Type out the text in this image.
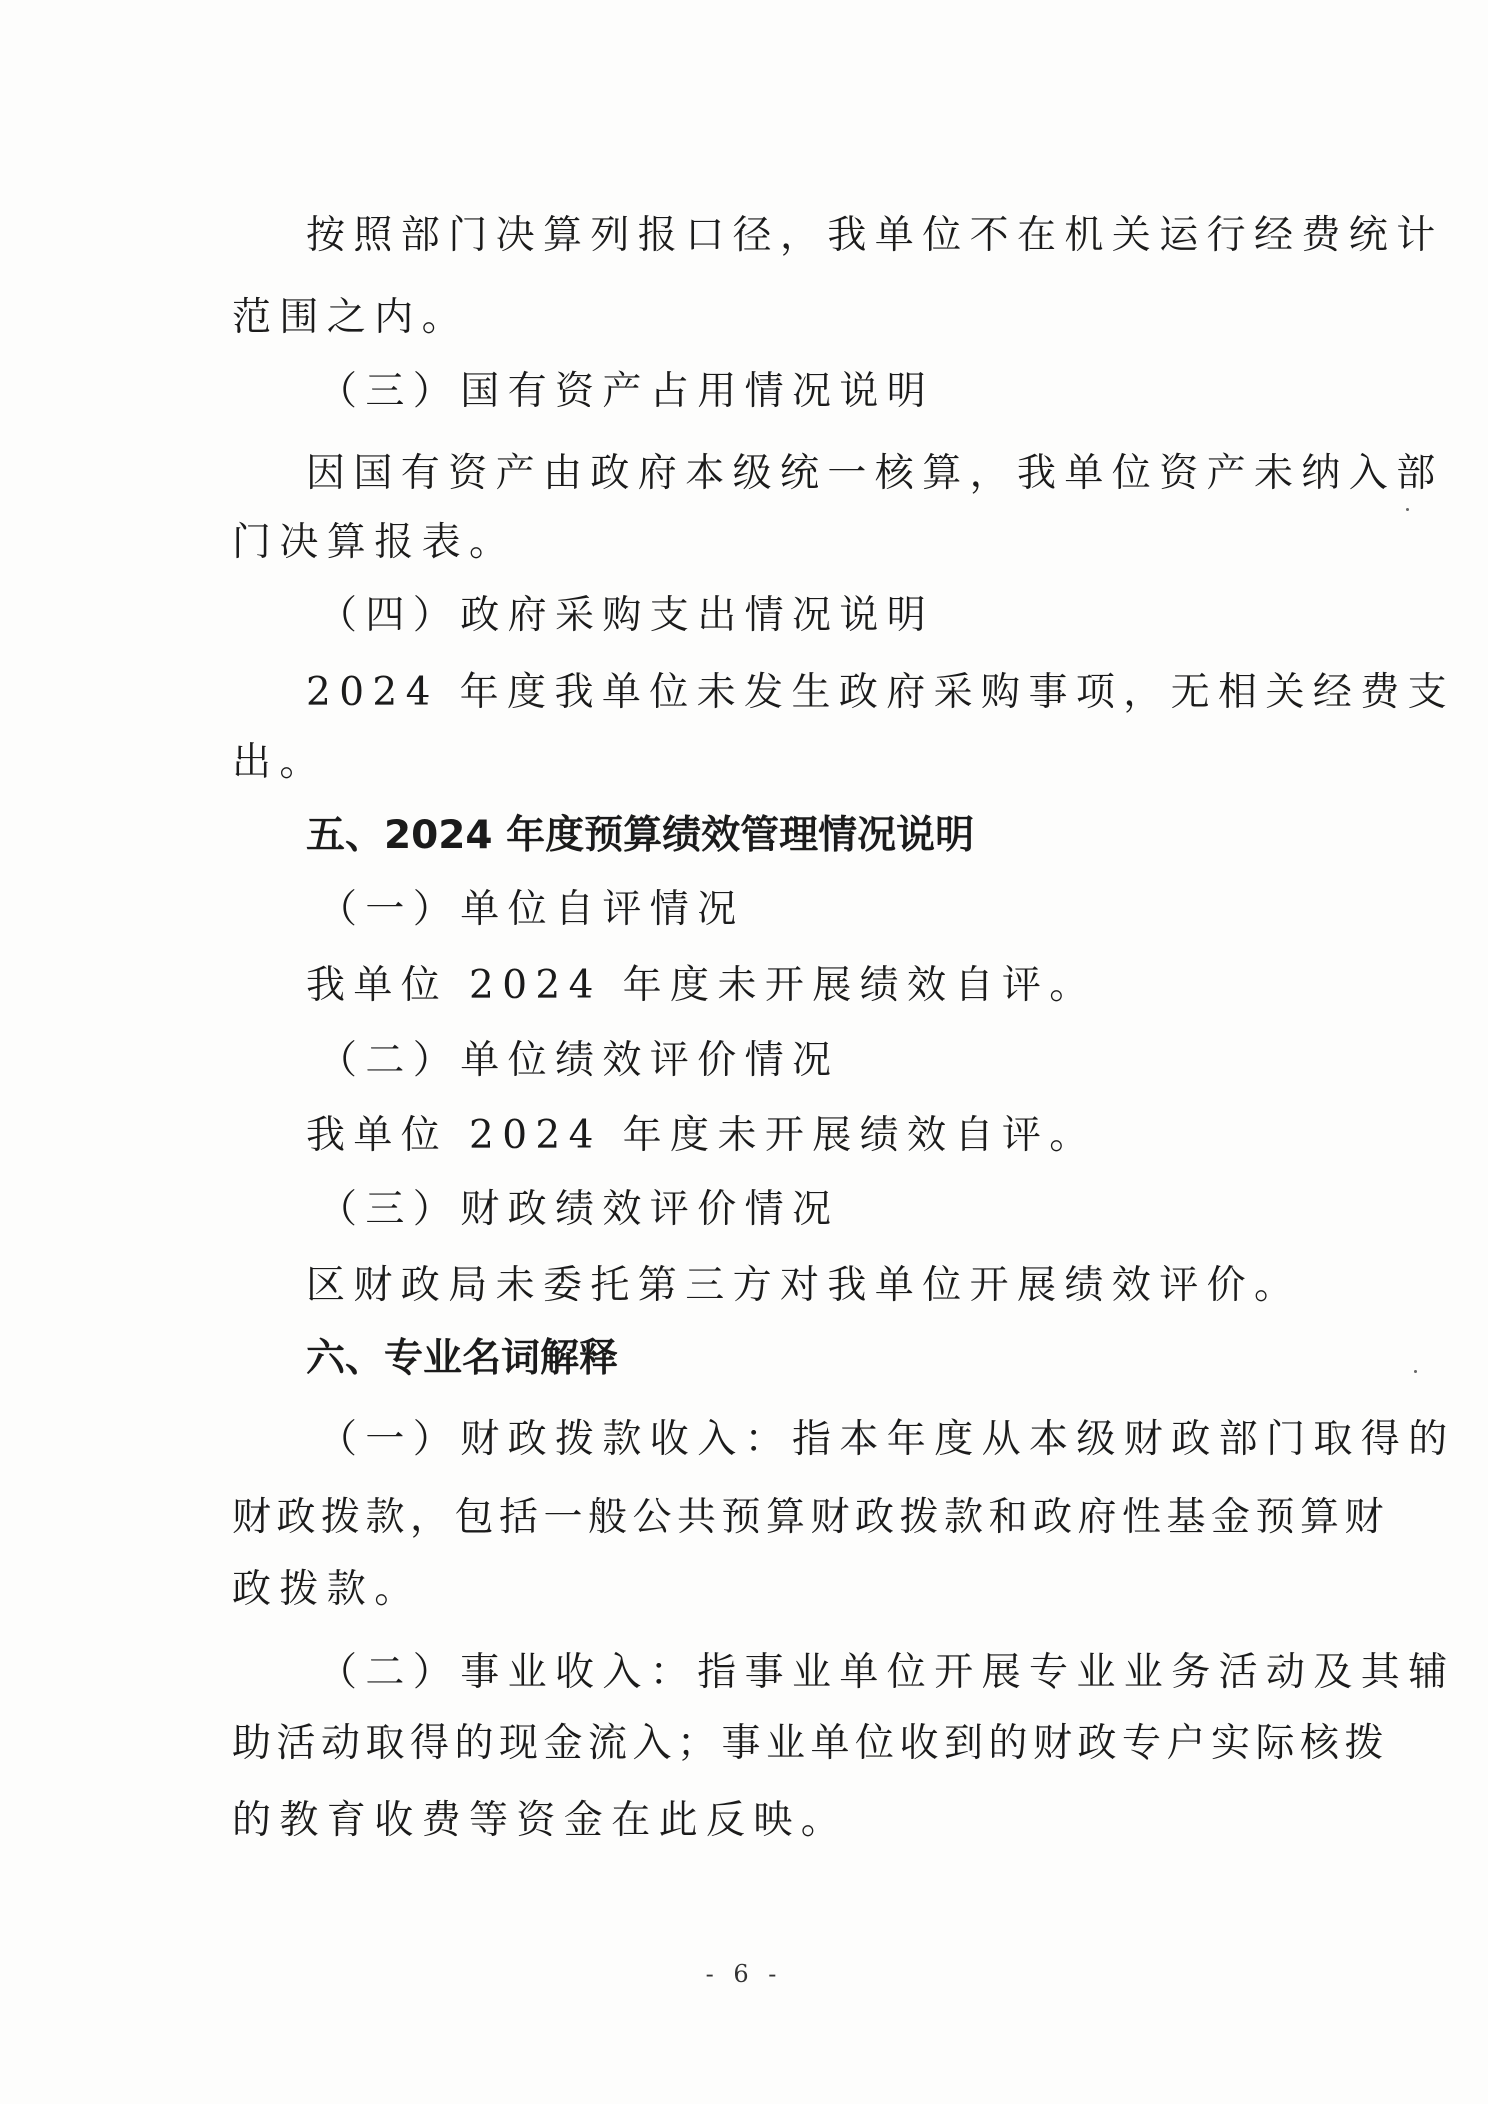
按照部门决算列报口径，我单位不在机关运行经费统计
范围之内。
（三）国有资产占用情况说明
因国有资产由政府本级统一核算，我单位资产未纳入部
门决算报表。
（四）政府采购支出情况说明
2024 年度我单位未发生政府采购事项，无相关经费支
出。
五、2024 年度预算绩效管理情况说明
（一）单位自评情况
我单位 2024 年度未开展绩效自评。
（二）单位绩效评价情况
我单位 2024 年度未开展绩效自评。
（三）财政绩效评价情况
区财政局未委托第三方对我单位开展绩效评价。
六、专业名词解释
（一）财政拨款收入：指本年度从本级财政部门取得的
财政拨款，包括一般公共预算财政拨款和政府性基金预算财
政拨款。
（二）事业收入：指事业单位开展专业业务活动及其辅
助活动取得的现金流入；事业单位收到的财政专户实际核拨
的教育收费等资金在此反映。
- 6 -
